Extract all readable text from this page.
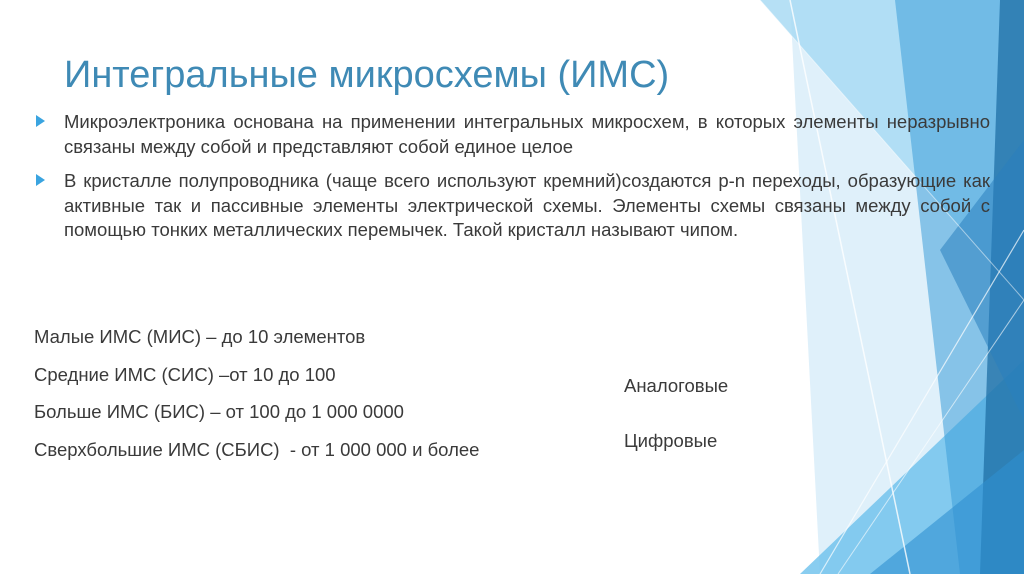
Интегральные микросхемы (ИМС)
Микроэлектроника основана на применении интегральных микросхем, в которых элементы неразрывно связаны между собой и представляют собой единое целое
В кристалле полупроводника (чаще всего используют кремний)создаются p-n переходы, образующие как активные так и пассивные элементы электрической схемы. Элементы схемы связаны между собой с помощью тонких металлических перемычек. Такой кристалл называют чипом.
Малые ИМС (МИС) – до 10 элементов
Средние ИМС (СИС) –от 10 до 100
Больше ИМС (БИС) – от 100 до 1 000 0000
Сверхбольшие ИМС (СБИС)  - от 1 000 000 и более
Аналоговые
Цифровые
